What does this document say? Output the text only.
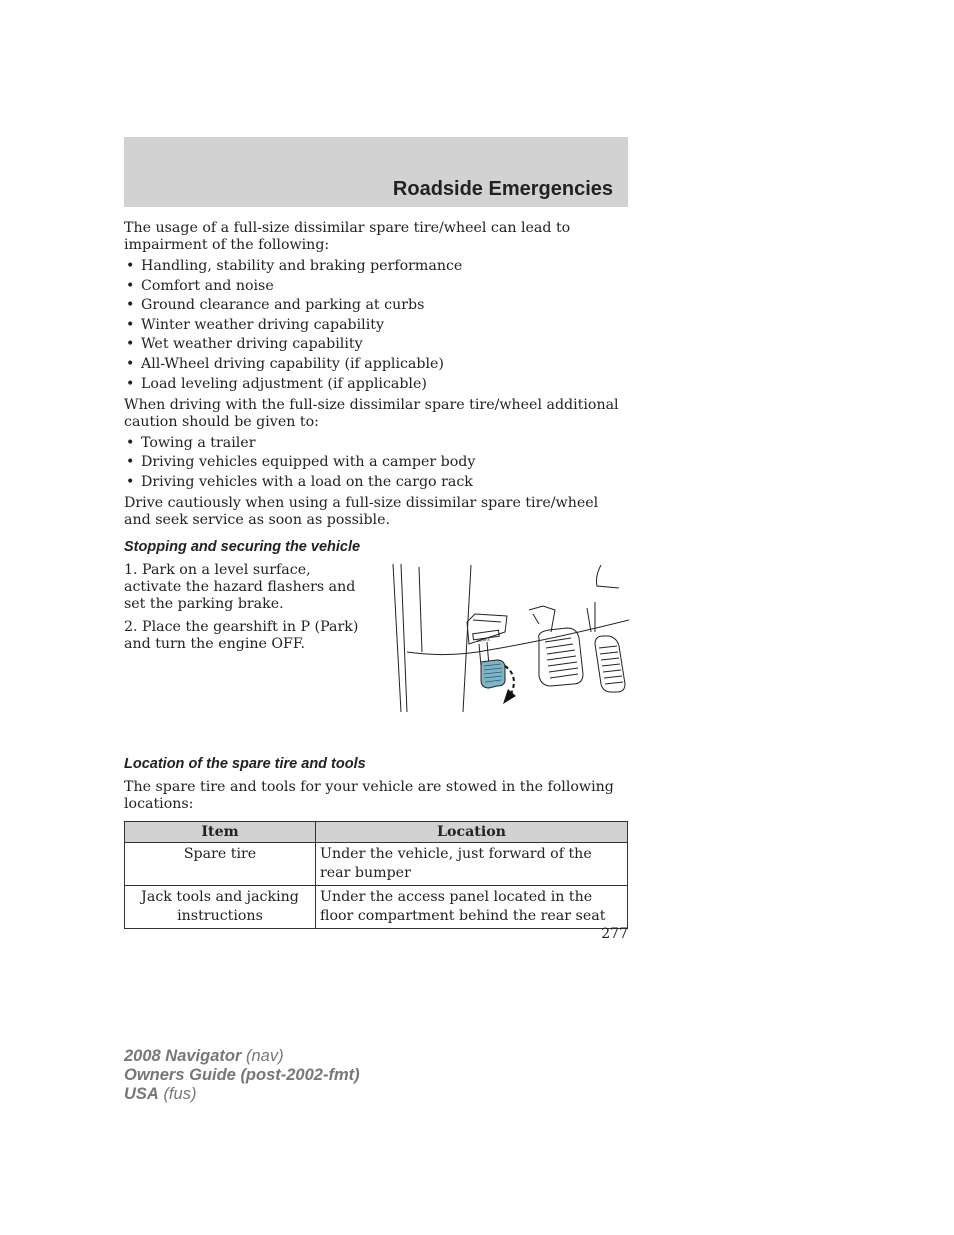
Roadside Emergencies

The usage of a full-size dissimilar spare tire/wheel can lead to impairment of the following:

• Handling, stability and braking performance
• Comfort and noise
• Ground clearance and parking at curbs
• Winter weather driving capability
• Wet weather driving capability
• All-Wheel driving capability (if applicable)
• Load leveling adjustment (if applicable)

When driving with the full-size dissimilar spare tire/wheel additional caution should be given to:

• Towing a trailer
• Driving vehicles equipped with a camper body
• Driving vehicles with a load on the cargo rack

Drive cautiously when using a full-size dissimilar spare tire/wheel and seek service as soon as possible.

Stopping and securing the vehicle

1. Park on a level surface, activate the hazard flashers and set the parking brake.

2. Place the gearshift in P (Park) and turn the engine OFF.	BRAKE
Location of the spare tire and tools

The spare tire and tools for your vehicle are stowed in the following locations:

Item	Location
Spare tire	Under the vehicle, just forward of the rear bumper
Jack tools and jacking instructions	Under the access panel located in the floor compartment behind the rear seat
277
2008 Navigator (nav)
Owners Guide (post-2002-fmt)
USA (fus)
